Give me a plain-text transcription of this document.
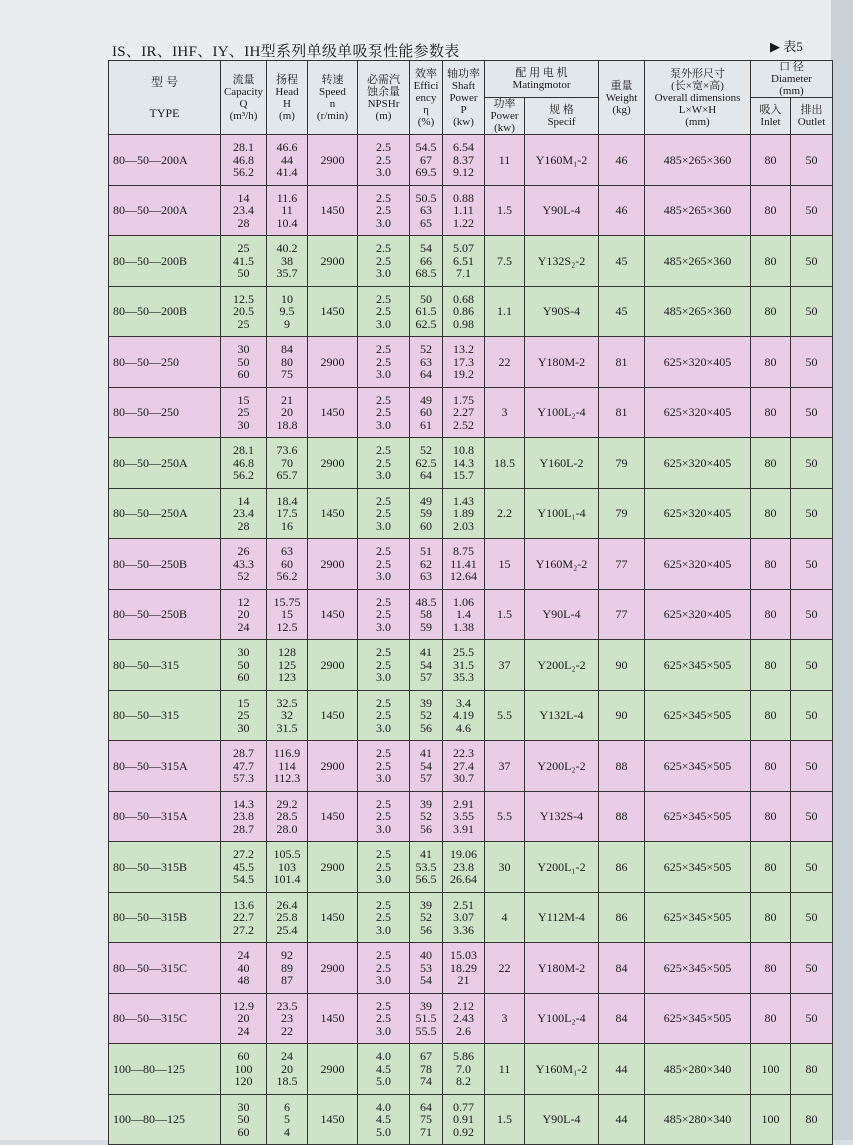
IS、IR、IHF、IY、IH型系列单级单吸泵性能参数表	▶ 表5
型 号
TYPE	流量
Capacity
Q
(m³/h)	扬程
Head
H
(m)	转速
Speed
n
(r/min)	必需汽
蚀余量
NPSHr
(m)	效率
Effici
ency
η
(%)	轴功率
Shaft
Power
P
(kw)	配 用 电 机
Matingmotor		重量
Weight
(kg)	泵外形尺寸
(长×宽×高)
Overall dimensions
L×W×H
(mm)	口 径
Diameter
(mm)	

							功率
Power
(kw)	规 格
Specif			吸入
Inlet	排出
Outlet

80—50—200A	28.1
46.8
56.2	46.6
44
41.4	2900	2.5
2.5
3.0	54.5
67
69.5	6.54
8.37
9.12	11	Y160M₁-2	46	485×265×360	80	50
80—50—200A	14
23.4
28	11.6
11
10.4	1450	2.5
2.5
3.0	50.5
63
65	0.88
1.11
1.22	1.5	Y90L-4	46	485×265×360	80	50
80—50—200B	25
41.5
50	40.2
38
35.7	2900	2.5
2.5
3.0	54
66
68.5	5.07
6.51
7.1	7.5	Y132S₂-2	45	485×265×360	80	50
80—50—200B	12.5
20.5
25	10
9.5
9	1450	2.5
2.5
3.0	50
61.5
62.5	0.68
0.86
0.98	1.1	Y90S-4	45	485×265×360	80	50
80—50—250	30
50
60	84
80
75	2900	2.5
2.5
3.0	52
63
64	13.2
17.3
19.2	22	Y180M-2	81	625×320×405	80	50
80—50—250	15
25
30	21
20
18.8	1450	2.5
2.5
3.0	49
60
61	1.75
2.27
2.52	3	Y100L₂-4	81	625×320×405	80	50
80—50—250A	28.1
46.8
56.2	73.6
70
65.7	2900	2.5
2.5
3.0	52
62.5
64	10.8
14.3
15.7	18.5	Y160L-2	79	625×320×405	80	50
80—50—250A	14
23.4
28	18.4
17.5
16	1450	2.5
2.5
3.0	49
59
60	1.43
1.89
2.03	2.2	Y100L₁-4	79	625×320×405	80	50
80—50—250B	26
43.3
52	63
60
56.2	2900	2.5
2.5
3.0	51
62
63	8.75
11.41
12.64	15	Y160M₂-2	77	625×320×405	80	50
80—50—250B	12
20
24	15.75
15
12.5	1450	2.5
2.5
3.0	48.5
58
59	1.06
1.4
1.38	1.5	Y90L-4	77	625×320×405	80	50
80—50—315	30
50
60	128
125
123	2900	2.5
2.5
3.0	41
54
57	25.5
31.5
35.3	37	Y200L₂-2	90	625×345×505	80	50
80—50—315	15
25
30	32.5
32
31.5	1450	2.5
2.5
3.0	39
52
56	3.4
4.19
4.6	5.5	Y132L-4	90	625×345×505	80	50
80—50—315A	28.7
47.7
57.3	116.9
114
112.3	2900	2.5
2.5
3.0	41
54
57	22.3
27.4
30.7	37	Y200L₂-2	88	625×345×505	80	50
80—50—315A	14.3
23.8
28.7	29.2
28.5
28.0	1450	2.5
2.5
3.0	39
52
56	2.91
3.55
3.91	5.5	Y132S-4	88	625×345×505	80	50
80—50—315B	27.2
45.5
54.5	105.5
103
101.4	2900	2.5
2.5
3.0	41
53.5
56.5	19.06
23.8
26.64	30	Y200L₁-2	86	625×345×505	80	50
80—50—315B	13.6
22.7
27.2	26.4
25.8
25.4	1450	2.5
2.5
3.0	39
52
56	2.51
3.07
3.36	4	Y112M-4	86	625×345×505	80	50
80—50—315C	24
40
48	92
89
87	2900	2.5
2.5
3.0	40
53
54	15.03
18.29
21	22	Y180M-2	84	625×345×505	80	50
80—50—315C	12.9
20
24	23.5
23
22	1450	2.5
2.5
3.0	39
51.5
55.5	2.12
2.43
2.6	3	Y100L₂-4	84	625×345×505	80	50
100—80—125	60
100
120	24
20
18.5	2900	4.0
4.5
5.0	67
78
74	5.86
7.0
8.2	11	Y160M₁-2	44	485×280×340	100	80
100—80—125	30
50
60	6
5
4	1450	4.0
4.5
5.0	64
75
71	0.77
0.91
0.92	1.5	Y90L-4	44	485×280×340	100	80
